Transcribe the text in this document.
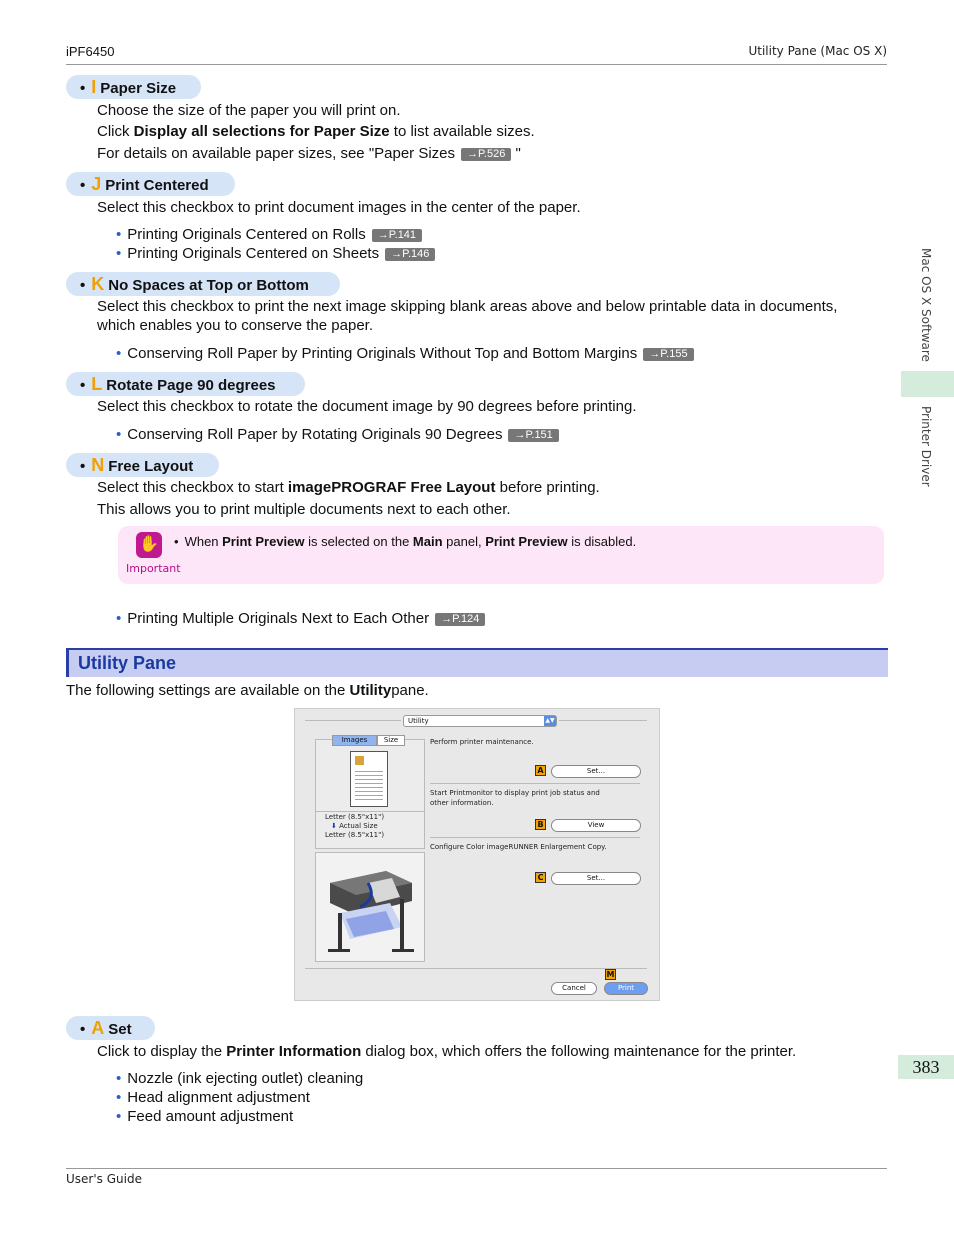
iPF6450	Utility Pane (Mac OS X)
• I Paper Size
Choose the size of the paper you will print on.
Click Display all selections for Paper Size to list available sizes.
For details on available paper sizes, see "Paper Sizes →P.526 "
• J Print Centered
Select this checkbox to print document images in the center of the paper.
• Printing Originals Centered on Rolls →P.141
• Printing Originals Centered on Sheets →P.146
• K No Spaces at Top or Bottom
Select this checkbox to print the next image skipping blank areas above and below printable data in documents,
which enables you to conserve the paper.
• Conserving Roll Paper by Printing Originals Without Top and Bottom Margins →P.155
• L Rotate Page 90 degrees
Select this checkbox to rotate the document image by 90 degrees before printing.
• Conserving Roll Paper by Rotating Originals 90 Degrees →P.151
• N Free Layout
Select this checkbox to start imagePROGRAF Free Layout before printing.
This allows you to print multiple documents next to each other.
✋
Important
• When Print Preview is selected on the Main panel, Print Preview is disabled.
• Printing Multiple Originals Next to Each Other →P.124
Utility Pane
The following settings are available on the Utilitypane.
Utility	▲▼
Images	Size
Letter (8.5"x11")
⬇ Actual Size
Letter (8.5"x11")
Perform printer maintenance.
A	Set...
Start Printmonitor to display print job status and
other information.
B	View
Configure Color imageRUNNER Enlargement Copy.
C	Set...
M
Cancel	Print
• A Set
Click to display the Printer Information dialog box, which offers the following maintenance for the printer.
• Nozzle (ink ejecting outlet) cleaning
• Head alignment adjustment
• Feed amount adjustment
Mac OS X Software
Printer Driver
383
User's Guide
